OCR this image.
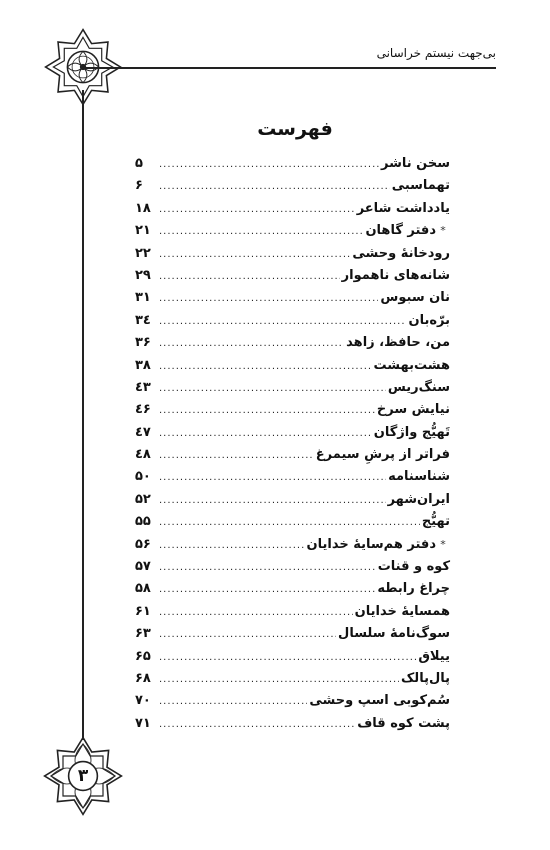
بی‌جهت نیستم خراسانی
فهرست
سخن ناشر
.....
۵
تهماسبی
.....
۶
یادداشت شاعر
.....
۱۸
*
دفتر گاهان
.....
۲۱
رودخانهٔ وحشی
.....
۲۲
شانه‌های ناهموار
.....
۲۹
نان سبوس
.....
۳۱
برّه‌بان
.....
۳٤
من، حافظ، زاهد
.....
۳۶
هشت‌بهشت
.....
۳۸
سنگ‌ریس
.....
٤۳
نیایش سرخ
.....
٤۶
تَهیُّج واژگان
.....
٤۷
فراتر از پرشِ سیمرغ
.....
٤۸
شناسنامه
.....
۵۰
ایران‌شهر
.....
۵۲
تهیُّج
.....
۵۵
*
دفتر هم‌سایهٔ خدایان
.....
۵۶
کوه و قنات
.....
۵۷
چراغ رابطه
.....
۵۸
همسایهٔ خدایان
.....
۶۱
سوگ‌نامهٔ سلسال
.....
۶۳
ییلاق
.....
۶۵
پال‌پالک
.....
۶۸
سُم‌کوبی اسپ وحشی
.....
۷۰
پشت کوه قاف
.....
۷۱
۳
